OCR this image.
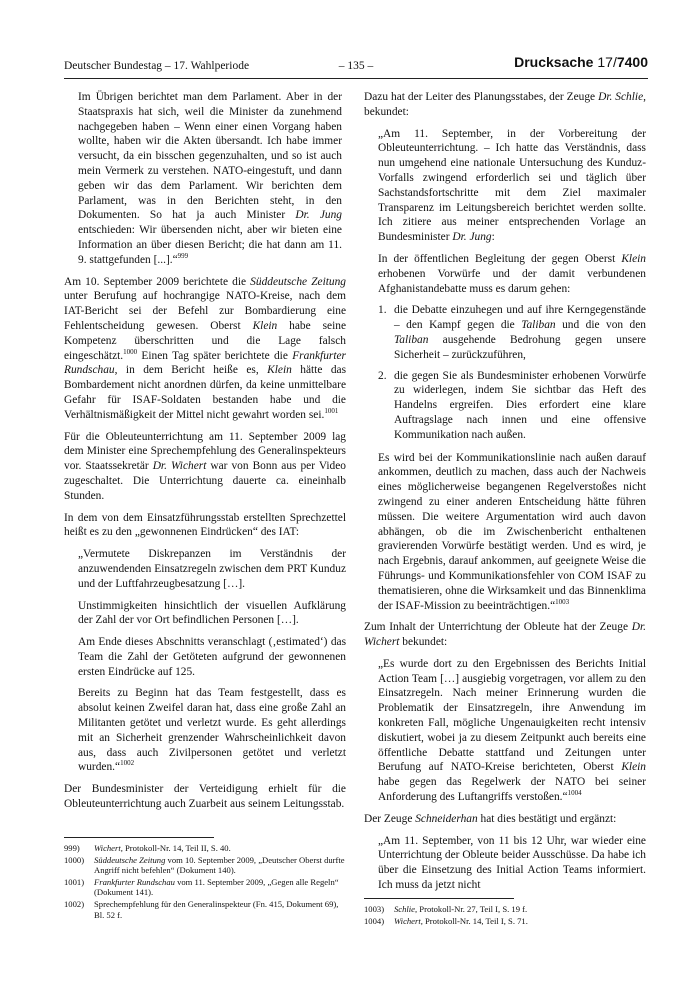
Deutscher Bundestag – 17. Wahlperiode	– 135 –	Drucksache 17/7400

Im Übrigen berichtet man dem Parlament. Aber in der Staatspraxis hat sich, weil die Minister da zunehmend nachgegeben haben – Wenn einer einen Vorgang haben wollte, haben wir die Akten übersandt. Ich habe immer versucht, da ein bisschen gegenzuhalten, und so ist auch mein Vermerk zu verstehen. NATO-eingestuft, und dann geben wir das dem Parlament. Wir berichten dem Parlament, was in den Berichten steht, in den Dokumenten. So hat ja auch Minister Dr. Jung entschieden: Wir übersenden nicht, aber wir bieten eine Information an über diesen Bericht; die hat dann am 11. 9. stattgefunden [...].“$^{999}$

Am 10. September 2009 berichtete die Süddeutsche Zeitung unter Berufung auf hochrangige NATO-Kreise, nach dem IAT-Bericht sei der Befehl zur Bombardierung eine Fehlentscheidung gewesen. Oberst Klein habe seine Kompetenz überschritten und die Lage falsch eingeschätzt.$^{1000}$ Einen Tag später berichtete die Frankfurter Rundschau, in dem Bericht heiße es, Klein hätte das Bombardement nicht anordnen dürfen, da keine unmittelbare Gefahr für ISAF-Soldaten bestanden habe und die Verhältnismäßigkeit der Mittel nicht gewahrt worden sei.$^{1001}$

Für die Obleuteunterrichtung am 11. September 2009 lag dem Minister eine Sprechempfehlung des Generalinspekteurs vor. Staatssekretär Dr. Wichert war von Bonn aus per Video zugeschaltet. Die Unterrichtung dauerte ca. eineinhalb Stunden.

In dem von dem Einsatzführungsstab erstellten Sprechzettel heißt es zu den „gewonnenen Eindrücken“ des IAT:

„Vermutete Diskrepanzen im Verständnis der anzuwendenden Einsatzregeln zwischen dem PRT Kunduz und der Luftfahrzeugbesatzung […].

Unstimmigkeiten hinsichtlich der visuellen Aufklärung der Zahl der vor Ort befindlichen Personen […].

Am Ende dieses Abschnitts veranschlagt (‚estimated‘) das Team die Zahl der Getöteten aufgrund der gewonnenen ersten Eindrücke auf 125.

Bereits zu Beginn hat das Team festgestellt, dass es absolut keinen Zweifel daran hat, dass eine große Zahl an Militanten getötet und verletzt wurde. Es geht allerdings mit an Sicherheit grenzender Wahrscheinlichkeit davon aus, dass auch Zivilpersonen getötet und verletzt wurden.“$^{1002}$

Der Bundesminister der Verteidigung erhielt für die Obleuteunterrichtung auch Zuarbeit aus seinem Leitungsstab.

999) Wichert, Protokoll-Nr. 14, Teil II, S. 40.
1000) Süddeutsche Zeitung vom 10. September 2009, „Deutscher Oberst durfte Angriff nicht befehlen“ (Dokument 140).
1001) Frankfurter Rundschau vom 11. September 2009, „Gegen alle Regeln“ (Dokument 141).
1002) Sprechempfehlung für den Generalinspekteur (Fn. 415, Dokument 69), Bl. 52 f.

Dazu hat der Leiter des Planungsstabes, der Zeuge Dr. Schlie, bekundet:

„Am 11. September, in der Vorbereitung der Obleuteunterrichtung. – Ich hatte das Verständnis, dass nun umgehend eine nationale Untersuchung des Kunduz-Vorfalls zwingend erforderlich sei und täglich über Sachstandsfortschritte mit dem Ziel maximaler Transparenz im Leitungsbereich berichtet werden sollte. Ich zitiere aus meiner entsprechenden Vorlage an Bundesminister Dr. Jung:

In der öffentlichen Begleitung der gegen Oberst Klein erhobenen Vorwürfe und der damit verbundenen Afghanistandebatte muss es darum gehen:

1. die Debatte einzuhegen und auf ihre Kerngegenstände – den Kampf gegen die Taliban und die von den Taliban ausgehende Bedrohung gegen unsere Sicherheit – zurückzuführen,
2. die gegen Sie als Bundesminister erhobenen Vorwürfe zu widerlegen, indem Sie sichtbar das Heft des Handelns ergreifen. Dies erfordert eine klare Auftragslage nach innen und eine offensive Kommunikation nach außen.

Es wird bei der Kommunikationslinie nach außen darauf ankommen, deutlich zu machen, dass auch der Nachweis eines möglicherweise begangenen Regelverstoßes nicht zwingend zu einer anderen Entscheidung hätte führen müssen. Die weitere Argumentation wird auch davon abhängen, ob die im Zwischenbericht enthaltenen gravierenden Vorwürfe bestätigt werden. Und es wird, je nach Ergebnis, darauf ankommen, auf geeignete Weise die Führungs- und Kommunikationsfehler von COM ISAF zu thematisieren, ohne die Wirksamkeit und das Binnenklima der ISAF-Mission zu beeinträchtigen.“$^{1003}$

Zum Inhalt der Unterrichtung der Obleute hat der Zeuge Dr. Wichert bekundet:

„Es wurde dort zu den Ergebnissen des Berichts Initial Action Team […] ausgiebig vorgetragen, vor allem zu den Einsatzregeln. Nach meiner Erinnerung wurden die Problematik der Einsatzregeln, ihre Anwendung im konkreten Fall, mögliche Ungenauigkeiten recht intensiv diskutiert, wobei ja zu diesem Zeitpunkt auch bereits eine öffentliche Debatte stattfand und Zeitungen unter Berufung auf NATO-Kreise berichteten, Oberst Klein habe gegen das Regelwerk der NATO bei seiner Anforderung des Luftangriffs verstoßen.“$^{1004}$

Der Zeuge Schneiderhan hat dies bestätigt und ergänzt:

„Am 11. September, von 11 bis 12 Uhr, war wieder eine Unterrichtung der Obleute beider Ausschüsse. Da habe ich über die Einsetzung des Initial Action Teams informiert. Ich muss da jetzt nicht

1003) Schlie, Protokoll-Nr. 27, Teil I, S. 19 f.
1004) Wichert, Protokoll-Nr. 14, Teil I, S. 71.
